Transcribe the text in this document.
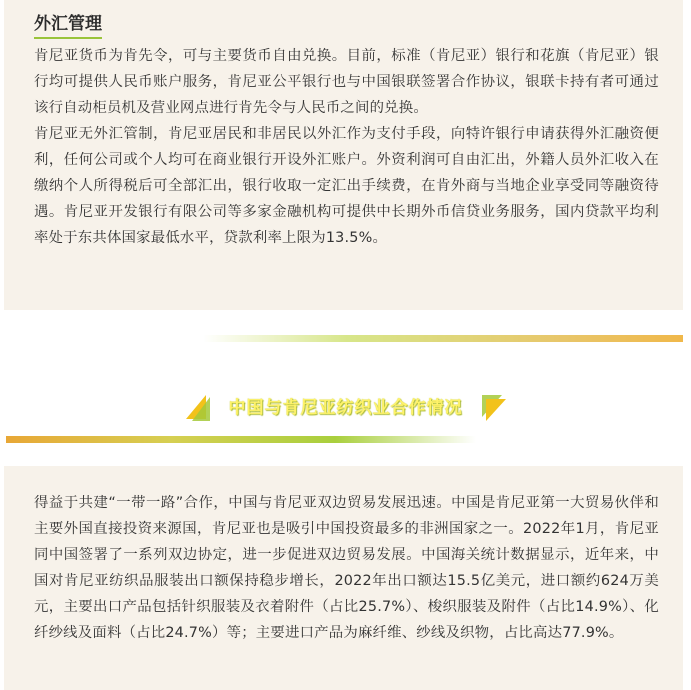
外汇管理

肯尼亚货币为肯先令，可与主要货币自由兑换。目前，标准（肯尼亚）银行和花旗（肯尼亚）银行均可提供人民币账户服务，肯尼亚公平银行也与中国银联签署合作协议，银联卡持有者可通过该行自动柜员机及营业网点进行肯先令与人民币之间的兑换。

肯尼亚无外汇管制，肯尼亚居民和非居民以外汇作为支付手段，向特许银行申请获得外汇融资便利，任何公司或个人均可在商业银行开设外汇账户。外资利润可自由汇出，外籍人员外汇收入在缴纳个人所得税后可全部汇出，银行收取一定汇出手续费，在肯外商与当地企业享受同等融资待遇。肯尼亚开发银行有限公司等多家金融机构可提供中长期外币信贷业务服务，国内贷款平均利率处于东共体国家最低水平，贷款利率上限为13.5%。

中国与肯尼亚纺织业合作情况

得益于共建“一带一路”合作，中国与肯尼亚双边贸易发展迅速。中国是肯尼亚第一大贸易伙伴和主要外国直接投资来源国，肯尼亚也是吸引中国投资最多的非洲国家之一。2022年1月，肯尼亚同中国签署了一系列双边协定，进一步促进双边贸易发展。中国海关统计数据显示，近年来，中国对肯尼亚纺织品服装出口额保持稳步增长，2022年出口额达15.5亿美元，进口额约624万美元，主要出口产品包括针织服装及衣着附件（占比25.7%）、梭织服装及附件（占比14.9%）、化纤纱线及面料（占比24.7%）等；主要进口产品为麻纤维、纱线及织物，占比高达77.9%。
